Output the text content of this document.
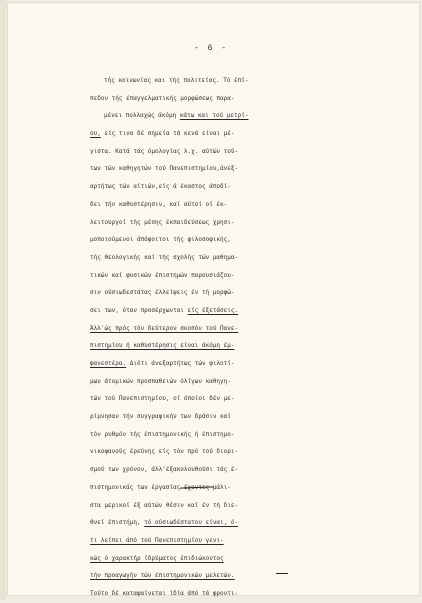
- 6 -
τής κοινωνίας και τής πολιτείας. Τό έπί-
πεδον τής έπαγγελματικής μορφώσεως παρα-
μένει πολλαχώς άκόμη κάτω και τού μετρί-
ου, είς τινα δέ σημεία τά κενά είναι μέ-
γιστα. Κατά τάς όμολογίας λ.χ. αύτών τού-
των τών καθηγητών τού Πανεπιστημίου,άνεξ-
αρτήτως τών αίτιών,είς ά έκαστος άποδί-
δει τήν καθυστέρησιν, καί αύτοί οί έκ-
λειτουργοί τής μέσης έκπαιδεύσεως χρησι-
μοποιούμενοι άπόφοιτοι τής φιλοσοφικής,
τής θεολογικής καί τής σχολής τών μαθημα-
τικών καί φυσικών έπιστημών παρουσιάζου-
σιν ούσιωδεστάτας έλλείψεις έν τή μορφώ-
σει των, όταν προσέρχωνται είς έξετάσεις.
Άλλ'ώς πρός τόν δεύτερον σκοπόν τού Πανε-
πιστημίου ή καθυστέρησις είναι άκόμη έμ-
φανεστέρα. Διότι άνεξαρτήτως τών φιλοτί-
μων άτομικών προσπαθειών όλίγων καθηγη-
τών τού Πανεπιστημίου, οί όποίοι δέν με-
ρίμνησαν τήν συγγραφικήν των δράσιν καί
τόν ρυθμόν τής έπιστημονικής ή έπιστημο-
νικοφανούς έρεύνης είς τόν πρό τού διορι-
σμού των χρόνον, άλλ'έξακολουθούσι τάς έ-
πιστημονικάς των έργασίας έχοντες μάλι-
στα μερικοί έξ αύτών θέσιν καί έν τή διε-
θνεί έπιστήμη, τό ούσιωδέστατον είναι, ό-
τι λείπει άπό τού Πανεπιστημίου γενι-
κώς ό χαρακτήρ ίδρύματος έπιδιώκοντος
τήν προαγωγήν τών έπιστημονικών μελετών.
Τούτο δέ καταφαίνεται ίδία άπό τά φροντι-
